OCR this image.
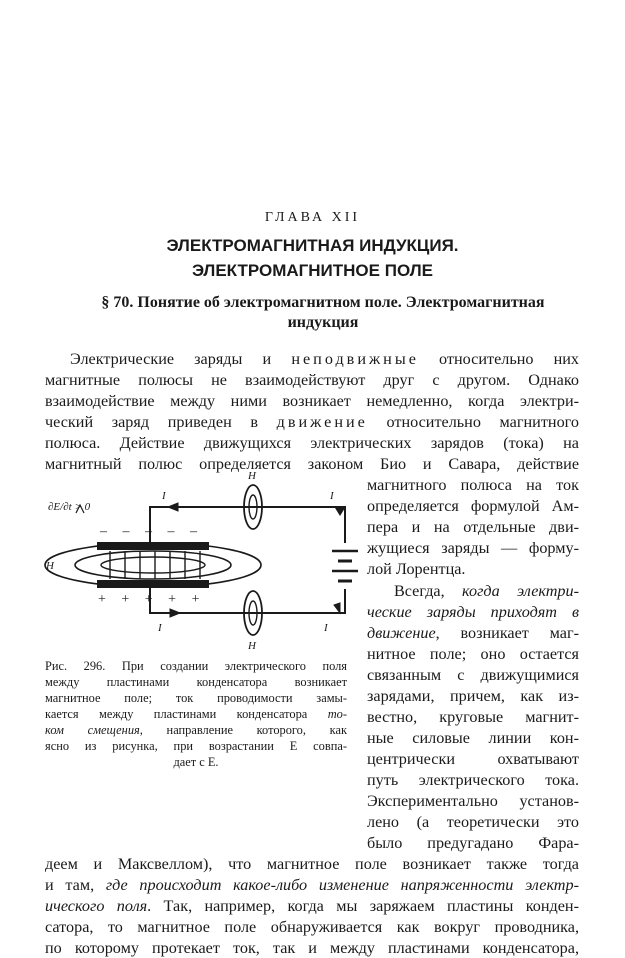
ГЛАВА XII
ЭЛЕКТРОМАГНИТНАЯ ИНДУКЦИЯ.
ЭЛЕКТРОМАГНИТНОЕ ПОЛЕ
§ 70. Понятие об электромагнитном поле. Электромагнитная
индукция
Электрические заряды и неподвижные относительно них
магнитные полюсы не взаимодействуют друг с другом. Однако
взаимодействие между ними возникает немедленно, когда электри-
ческий заряд приведен в движение относительно магнитного
полюса. Действие движущихся электрических зарядов (тока) на
магнитный полюс определяется законом Био и Савара, действие
магнитного полюса на ток
определяется формулой Ам-
пера и на отдельные дви-
жущиеся заряды — форму-
лой Лорентца.
Всегда, когда электри-
ческие заряды приходят в
движение, возникает маг-
нитное поле; оно остается
связанным с движущимися
зарядами, причем, как из-
вестно, круговые магнит-
ные силовые линии кон-
центрически охватывают
путь электрического тока.
Экспериментально установ-
лено (а теоретически это
было предугадано Фара-
деем и Максвеллом), что магнитное поле возникает также тогда
и там, где происходит какое-либо изменение напряженности электр-
ического поля. Так, например, когда мы заряжаем пластины конден-
сатора, то магнитное поле обнаруживается как вокруг проводника,
по которому протекает ток, так и между пластинами конденсатора,
∂E/∂t > 0
H
H
H
I	I
I	I
– – – – –
+ + + + +
Рис. 296. При создании электрического поля
между пластинами конденсатора возникает
магнитное поле; ток проводимости замы-
кается между пластинами конденсатора то-
ком смещения, направление которого, как
ясно из рисунка, при возрастании E совпа-
дает с E.
